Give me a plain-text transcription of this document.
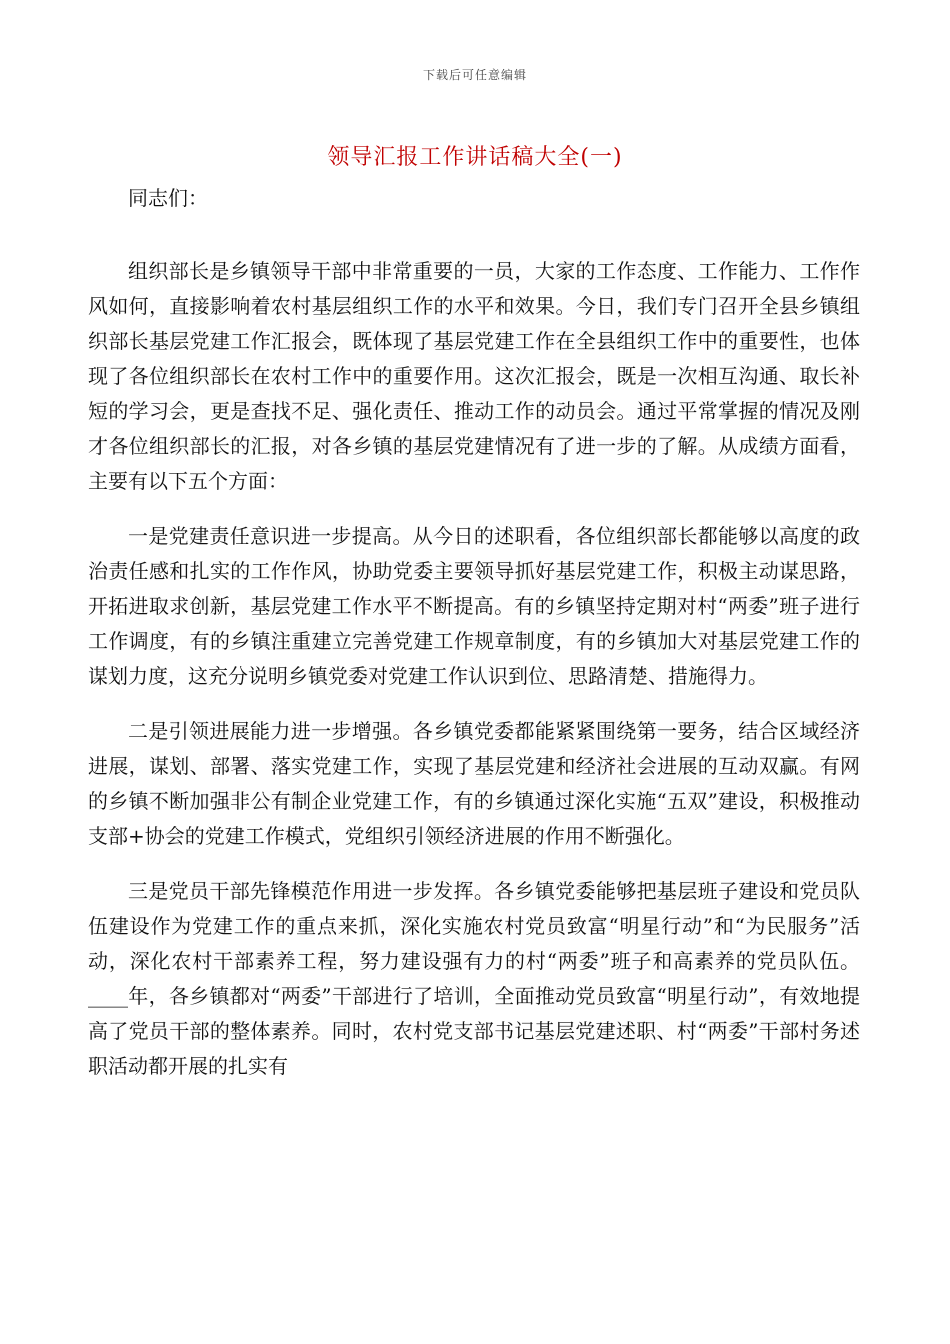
下载后可任意编辑
领导汇报工作讲话稿大全(一)

同志们：

组织部长是乡镇领导干部中非常重要的一员，大家的工作态度、工作能力、工作作风如何，直接影响着农村基层组织工作的水平和效果。今日，我们专门召开全县乡镇组织部长基层党建工作汇报会，既体现了基层党建工作在全县组织工作中的重要性，也体现了各位组织部长在农村工作中的重要作用。这次汇报会，既是一次相互沟通、取长补短的学习会，更是查找不足、强化责任、推动工作的动员会。通过平常掌握的情况及刚才各位组织部长的汇报，对各乡镇的基层党建情况有了进一步的了解。从成绩方面看，主要有以下五个方面：

一是党建责任意识进一步提高。从今日的述职看，各位组织部长都能够以高度的政治责任感和扎实的工作作风，协助党委主要领导抓好基层党建工作，积极主动谋思路，开拓进取求创新，基层党建工作水平不断提高。有的乡镇坚持定期对村“两委”班子进行工作调度，有的乡镇注重建立完善党建工作规章制度，有的乡镇加大对基层党建工作的谋划力度，这充分说明乡镇党委对党建工作认识到位、思路清楚、措施得力。

二是引领进展能力进一步增强。各乡镇党委都能紧紧围绕第一要务，结合区域经济进展，谋划、部署、落实党建工作，实现了基层党建和经济社会进展的互动双赢。有网的乡镇不断加强非公有制企业党建工作，有的乡镇通过深化实施“五双”建设，积极推动支部+协会的党建工作模式，党组织引领经济进展的作用不断强化。

三是党员干部先锋模范作用进一步发挥。各乡镇党委能够把基层班子建设和党员队伍建设作为党建工作的重点来抓，深化实施农村党员致富“明星行动”和“为民服务”活动，深化农村干部素养工程，努力建设强有力的村“两委”班子和高素养的党员队伍。____年，各乡镇都对“两委”干部进行了培训，全面推动党员致富“明星行动”，有效地提高了党员干部的整体素养。同时，农村党支部书记基层党建述职、村“两委”干部村务述职活动都开展的扎实有
